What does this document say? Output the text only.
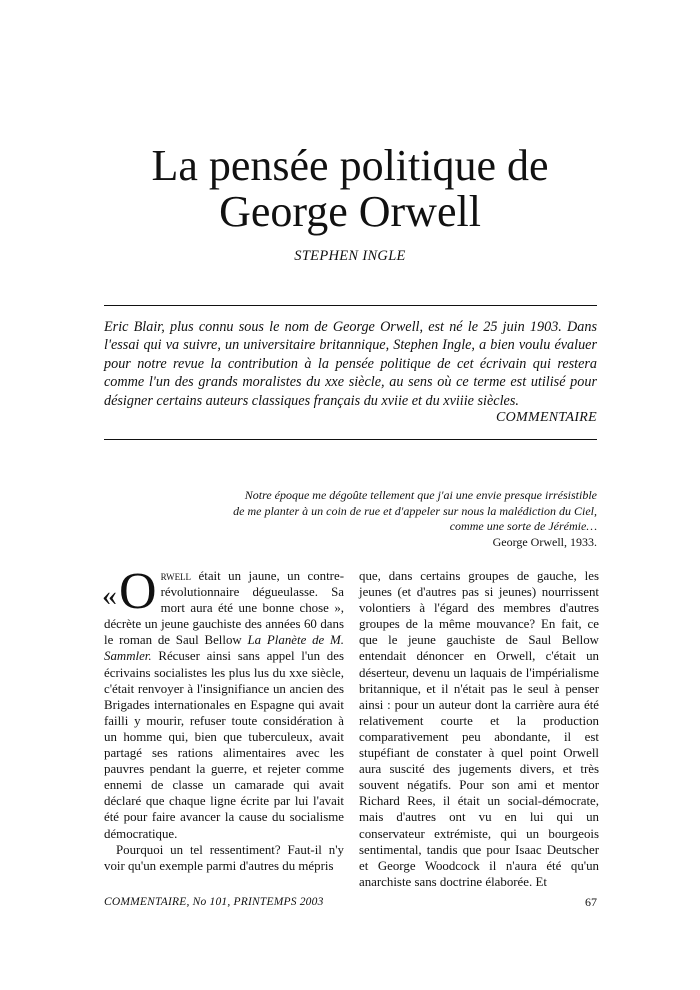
La pensée politique de
George Orwell
STEPHEN INGLE

Eric Blair, plus connu sous le nom de George Orwell, est né le 25 juin 1903. Dans l'essai qui va suivre, un universitaire britannique, Stephen Ingle, a bien voulu évaluer pour notre revue la contribution à la pensée politique de cet écrivain qui restera comme l'un des grands moralistes du xxe siècle, au sens où ce terme est utilisé pour désigner certains auteurs classiques français du xviie et du xviiie siècles.

COMMENTAIRE
Notre époque me dégoûte tellement que j'ai une envie presque irrésistible
de me planter à un coin de rue et d'appeler sur nous la malédiction du Ciel,
comme une sorte de Jérémie…
George Orwell, 1933.

« O rwell était un jaune, un contre-révolutionnaire dégueulasse. Sa mort aura été une bonne chose », décrète un jeune gauchiste des années 60 dans le roman de Saul Bellow La Planète de M. Sammler. Récuser ainsi sans appel l'un des écrivains socialistes les plus lus du xxe siècle, c'était renvoyer à l'insignifiance un ancien des Brigades internationales en Espagne qui avait failli y mourir, refuser toute considération à un homme qui, bien que tuberculeux, avait partagé ses rations alimentaires avec les pauvres pendant la guerre, et rejeter comme ennemi de classe un camarade qui avait déclaré que chaque ligne écrite par lui l'avait été pour faire avancer la cause du socialisme démocratique.

Pourquoi un tel ressentiment? Faut-il n'y voir qu'un exemple parmi d'autres du mépris

que, dans certains groupes de gauche, les jeunes (et d'autres pas si jeunes) nourrissent volontiers à l'égard des membres d'autres groupes de la même mouvance? En fait, ce que le jeune gauchiste de Saul Bellow entendait dénoncer en Orwell, c'était un déserteur, devenu un laquais de l'impérialisme britannique, et il n'était pas le seul à penser ainsi : pour un auteur dont la carrière aura été relativement courte et la production comparativement peu abondante, il est stupéfiant de constater à quel point Orwell aura suscité des jugements divers, et très souvent négatifs. Pour son ami et mentor Richard Rees, il était un social-démocrate, mais d'autres ont vu en lui qui un conservateur extrémiste, qui un bourgeois sentimental, tandis que pour Isaac Deutscher et George Woodcock il n'aura été qu'un anarchiste sans doctrine élaborée. Et

COMMENTAIRE, No 101, PRINTEMPS 2003	67
